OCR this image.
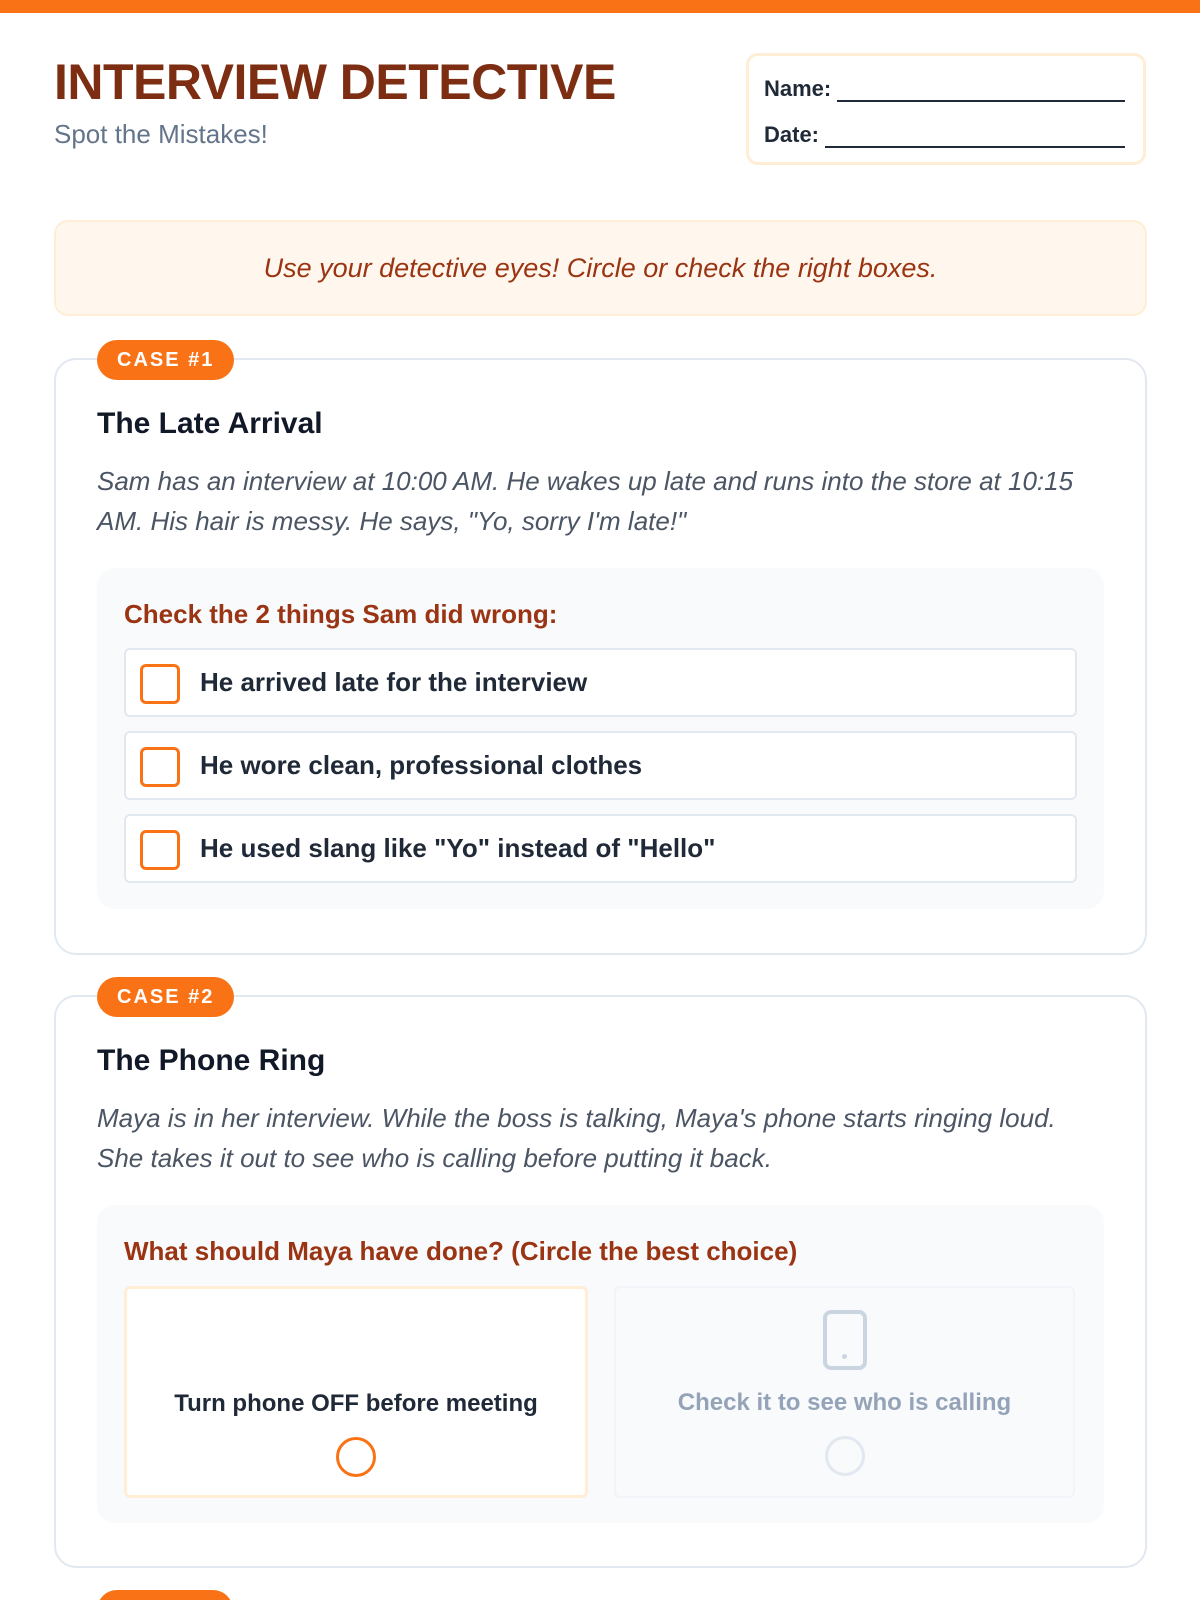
INTERVIEW DETECTIVE
Spot the Mistakes!
Name:
Date:
Use your detective eyes! Circle or check the right boxes.
CASE #1
The Late Arrival
Sam has an interview at 10:00 AM. He wakes up late and runs into the store at 10:15 AM. His hair is messy. He says, "Yo, sorry I'm late!"
Check the 2 things Sam did wrong:
He arrived late for the interview
He wore clean, professional clothes
He used slang like "Yo" instead of "Hello"
CASE #2
The Phone Ring
Maya is in her interview. While the boss is talking, Maya's phone starts ringing loud. She takes it out to see who is calling before putting it back.
What should Maya have done? (Circle the best choice)
Turn phone OFF before meeting	Check it to see who is calling
